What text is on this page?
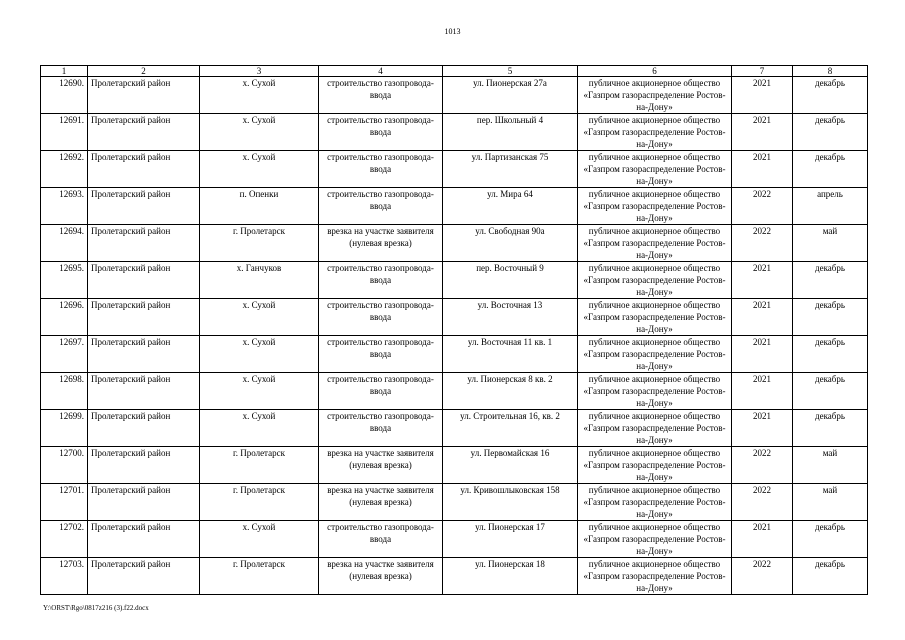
1013
1	2	3	4	5	6	7	8
12690.	Пролетарский район	х. Сухой	строительство газопровода-ввода	ул. Пионерская 27а	публичное акционерное общество «Газпром газораспределение Ростов-на-Дону»	2021	декабрь
12691.	Пролетарский район	х. Сухой	строительство газопровода-ввода	пер. Школьный 4	публичное акционерное общество «Газпром газораспределение Ростов-на-Дону»	2021	декабрь
12692.	Пролетарский район	х. Сухой	строительство газопровода-ввода	ул. Партизанская 75	публичное акционерное общество «Газпром газораспределение Ростов-на-Дону»	2021	декабрь
12693.	Пролетарский район	п. Опенки	строительство газопровода-ввода	ул. Мира 64	публичное акционерное общество «Газпром газораспределение Ростов-на-Дону»	2022	апрель
12694.	Пролетарский район	г. Пролетарск	врезка на участке заявителя (нулевая врезка)	ул. Свободная 90а	публичное акционерное общество «Газпром газораспределение Ростов-на-Дону»	2022	май
12695.	Пролетарский район	х. Ганчуков	строительство газопровода-ввода	пер. Восточный 9	публичное акционерное общество «Газпром газораспределение Ростов-на-Дону»	2021	декабрь
12696.	Пролетарский район	х. Сухой	строительство газопровода-ввода	ул. Восточная 13	публичное акционерное общество «Газпром газораспределение Ростов-на-Дону»	2021	декабрь
12697.	Пролетарский район	х. Сухой	строительство газопровода-ввода	ул. Восточная 11 кв. 1	публичное акционерное общество «Газпром газораспределение Ростов-на-Дону»	2021	декабрь
12698.	Пролетарский район	х. Сухой	строительство газопровода-ввода	ул. Пионерская 8 кв. 2	публичное акционерное общество «Газпром газораспределение Ростов-на-Дону»	2021	декабрь
12699.	Пролетарский район	х. Сухой	строительство газопровода-ввода	ул. Строительная 16, кв. 2	публичное акционерное общество «Газпром газораспределение Ростов-на-Дону»	2021	декабрь
12700.	Пролетарский район	г. Пролетарск	врезка на участке заявителя (нулевая врезка)	ул. Первомайская 16	публичное акционерное общество «Газпром газораспределение Ростов-на-Дону»	2022	май
12701.	Пролетарский район	г. Пролетарск	врезка на участке заявителя (нулевая врезка)	ул. Кривошлыковская 158	публичное акционерное общество «Газпром газораспределение Ростов-на-Дону»	2022	май
12702.	Пролетарский район	х. Сухой	строительство газопровода-ввода	ул. Пионерская 17	публичное акционерное общество «Газпром газораспределение Ростов-на-Дону»	2021	декабрь
12703.	Пролетарский район	г. Пролетарск	врезка на участке заявителя (нулевая врезка)	ул. Пионерская 18	публичное акционерное общество «Газпром газораспределение Ростов-на-Дону»	2022	декабрь
Y:\ORST\Rgo\0817z216 (3).f22.docx
